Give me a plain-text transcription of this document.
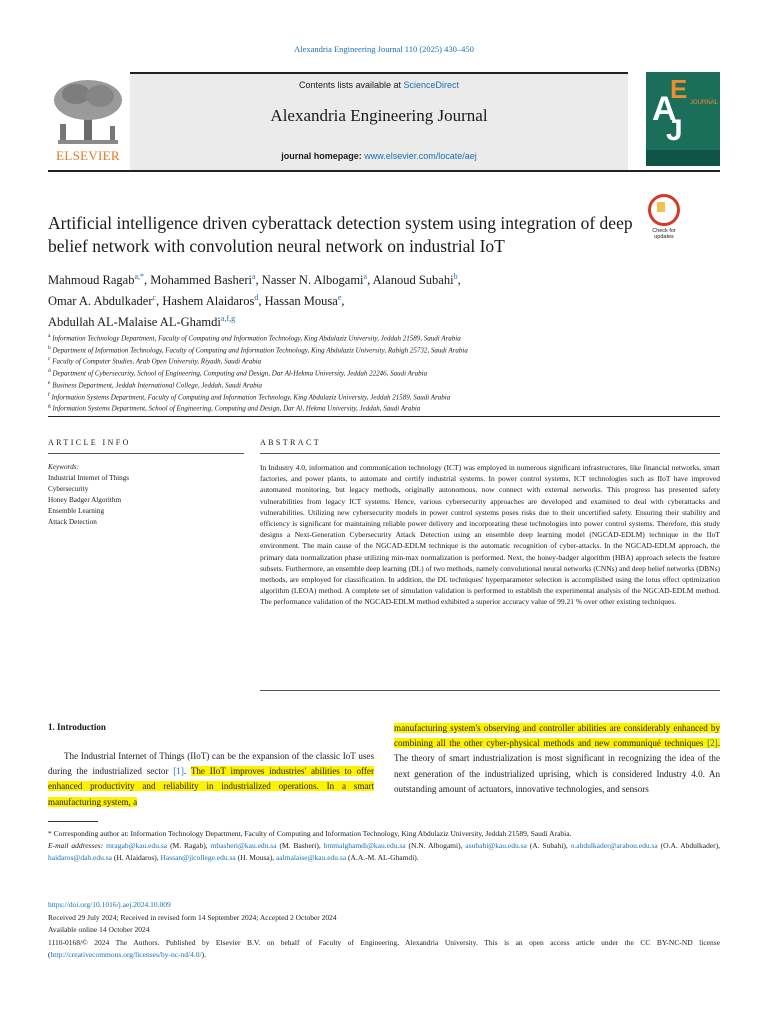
Alexandria Engineering Journal 110 (2025) 430–450
ELSEVIER
Contents lists available at ScienceDirect
Alexandria Engineering Journal
journal homepage: www.elsevier.com/locate/aej
E
A
J
JOURNAL
Artificial intelligence driven cyberattack detection system using integration of deep belief network with convolution neural network on industrial IoT
Check for updates
Mahmoud Ragab$^{a,*}$, Mohammed Basheri$^a$, Nasser N. Albogami$^a$, Alanoud Subahi$^b$,
Omar A. Abdulkader$^c$, Hashem Alaidaros$^d$, Hassan Mousa$^e$,
Abdullah AL-Malaise AL-Ghamdi$^{a,f,g}$
$^a$ Information Technology Department, Faculty of Computing and Information Technology, King Abdulaziz University, Jeddah 21589, Saudi Arabia
$^b$ Department of Information Technology, Faculty of Computing and Information Technology, King Abdulaziz University, Rabigh 25732, Saudi Arabia
$^c$ Faculty of Computer Studies, Arab Open University, Riyadh, Saudi Arabia
$^d$ Department of Cybersecurity, School of Engineering, Computing and Design, Dar Al-Hekma University, Jeddah 22246, Saudi Arabia
$^e$ Business Department, Jeddah International College, Jeddah, Saudi Arabia
$^f$ Information Systems Department, Faculty of Computing and Information Technology, King Abdulaziz University, Jeddah 21589, Saudi Arabia
$^g$ Information Systems Department, School of Engineering, Computing and Design, Dar Al, Hekma University, Jeddah, Saudi Arabia
ARTICLE INFO
Keywords:
Industrial Internet of Things
Cybersecurity
Honey Badger Algorithm
Ensemble Learning
Attack Detection
ABSTRACT
In Industry 4.0, information and communication technology (ICT) was employed in numerous significant infrastructures, like financial networks, smart factories, and power plants, to automate and certify industrial systems. In power control systems, ICT technologies such as IIoT have improved automated monitoring, but legacy methods, originally autonomous, now connect with external networks. This progress has presented safety vulnerabilities from legacy ICT systems. Hence, various cybersecurity approaches are developed and examined to deal with cyberattacks and vulnerabilities. Utilizing new cybersecurity models in power control systems poses risks due to their uncertified safety. Ensuring their stability and efficiency is significant for maintaining reliable power delivery and incorporating these technologies into power control systems. Therefore, this study designs a Next-Generation Cybersecurity Attack Detection using an ensemble deep learning model (NGCAD-EDLM) technique in the IIoT environment. The main cause of the NGCAD-EDLM technique is the automatic recognition of cyber-attacks. In the NGCAD-EDLM approach, the primary data normalization phase utilizing min-max normalization is performed. Next, the honey-badger algorithm (HBA) approach selects the feature subsets. Furthermore, an ensemble deep learning (DL) of two methods, namely convolutional neural networks (CNNs) and deep belief networks (DBNs) methods, are employed for classification. In addition, the DL techniques' hyperparameter selection is accomplished using the lotus effect optimization algorithm (LEOA) method. A complete set of simulation validation is performed to establish the experimental analysis of the NGCAD-EDLM method. The performance validation of the NGCAD-EDLM method exhibited a superior accuracy value of 99.21 % over other existing techniques.
1. Introduction
The Industrial Internet of Things (IIoT) can be the expansion of the classic IoT uses during the industrialized sector [1]. The IIoT improves industries' abilities to offer enhanced productivity and reliability in industrialized operations. In a smart manufacturing system, a
manufacturing system's observing and controller abilities are considerably enhanced by combining all the other cyber-physical methods and new communiqué techniques [2]. The theory of smart industrialization is most significant in recognizing the idea of the next generation of the industrialized uprising, which is considered Industry 4.0. An outstanding amount of actuators, innovative technologies, and sensors
* Corresponding author at: Information Technology Department, Faculty of Computing and Information Technology, King Abdulaziz University, Jeddah 21589, Saudi Arabia.
E-mail addresses: mragab@kau.edu.sa (M. Ragab), mbasheri@kau.edu.sa (M. Basheri), bmmalghamdi@kau.edu.sa (N.N. Albogami), asubahi@kau.edu.sa (A. Subahi), o.abdulkader@arabou.edu.sa (O.A. Abdulkader), haidaros@dah.edu.sa (H. Alaidaros), Hassan@jicollege.edu.sa (H. Mousa), aalmalaise@kau.edu.sa (A.A.-M. AL-Ghamdi).
https://doi.org/10.1016/j.aej.2024.10.009
Received 29 July 2024; Received in revised form 14 September 2024; Accepted 2 October 2024
Available online 14 October 2024
1110-0168/© 2024 The Authors. Published by Elsevier B.V. on behalf of Faculty of Engineering, Alexandria University. This is an open access article under the CC BY-NC-ND license (http://creativecommons.org/licenses/by-nc-nd/4.0/).
